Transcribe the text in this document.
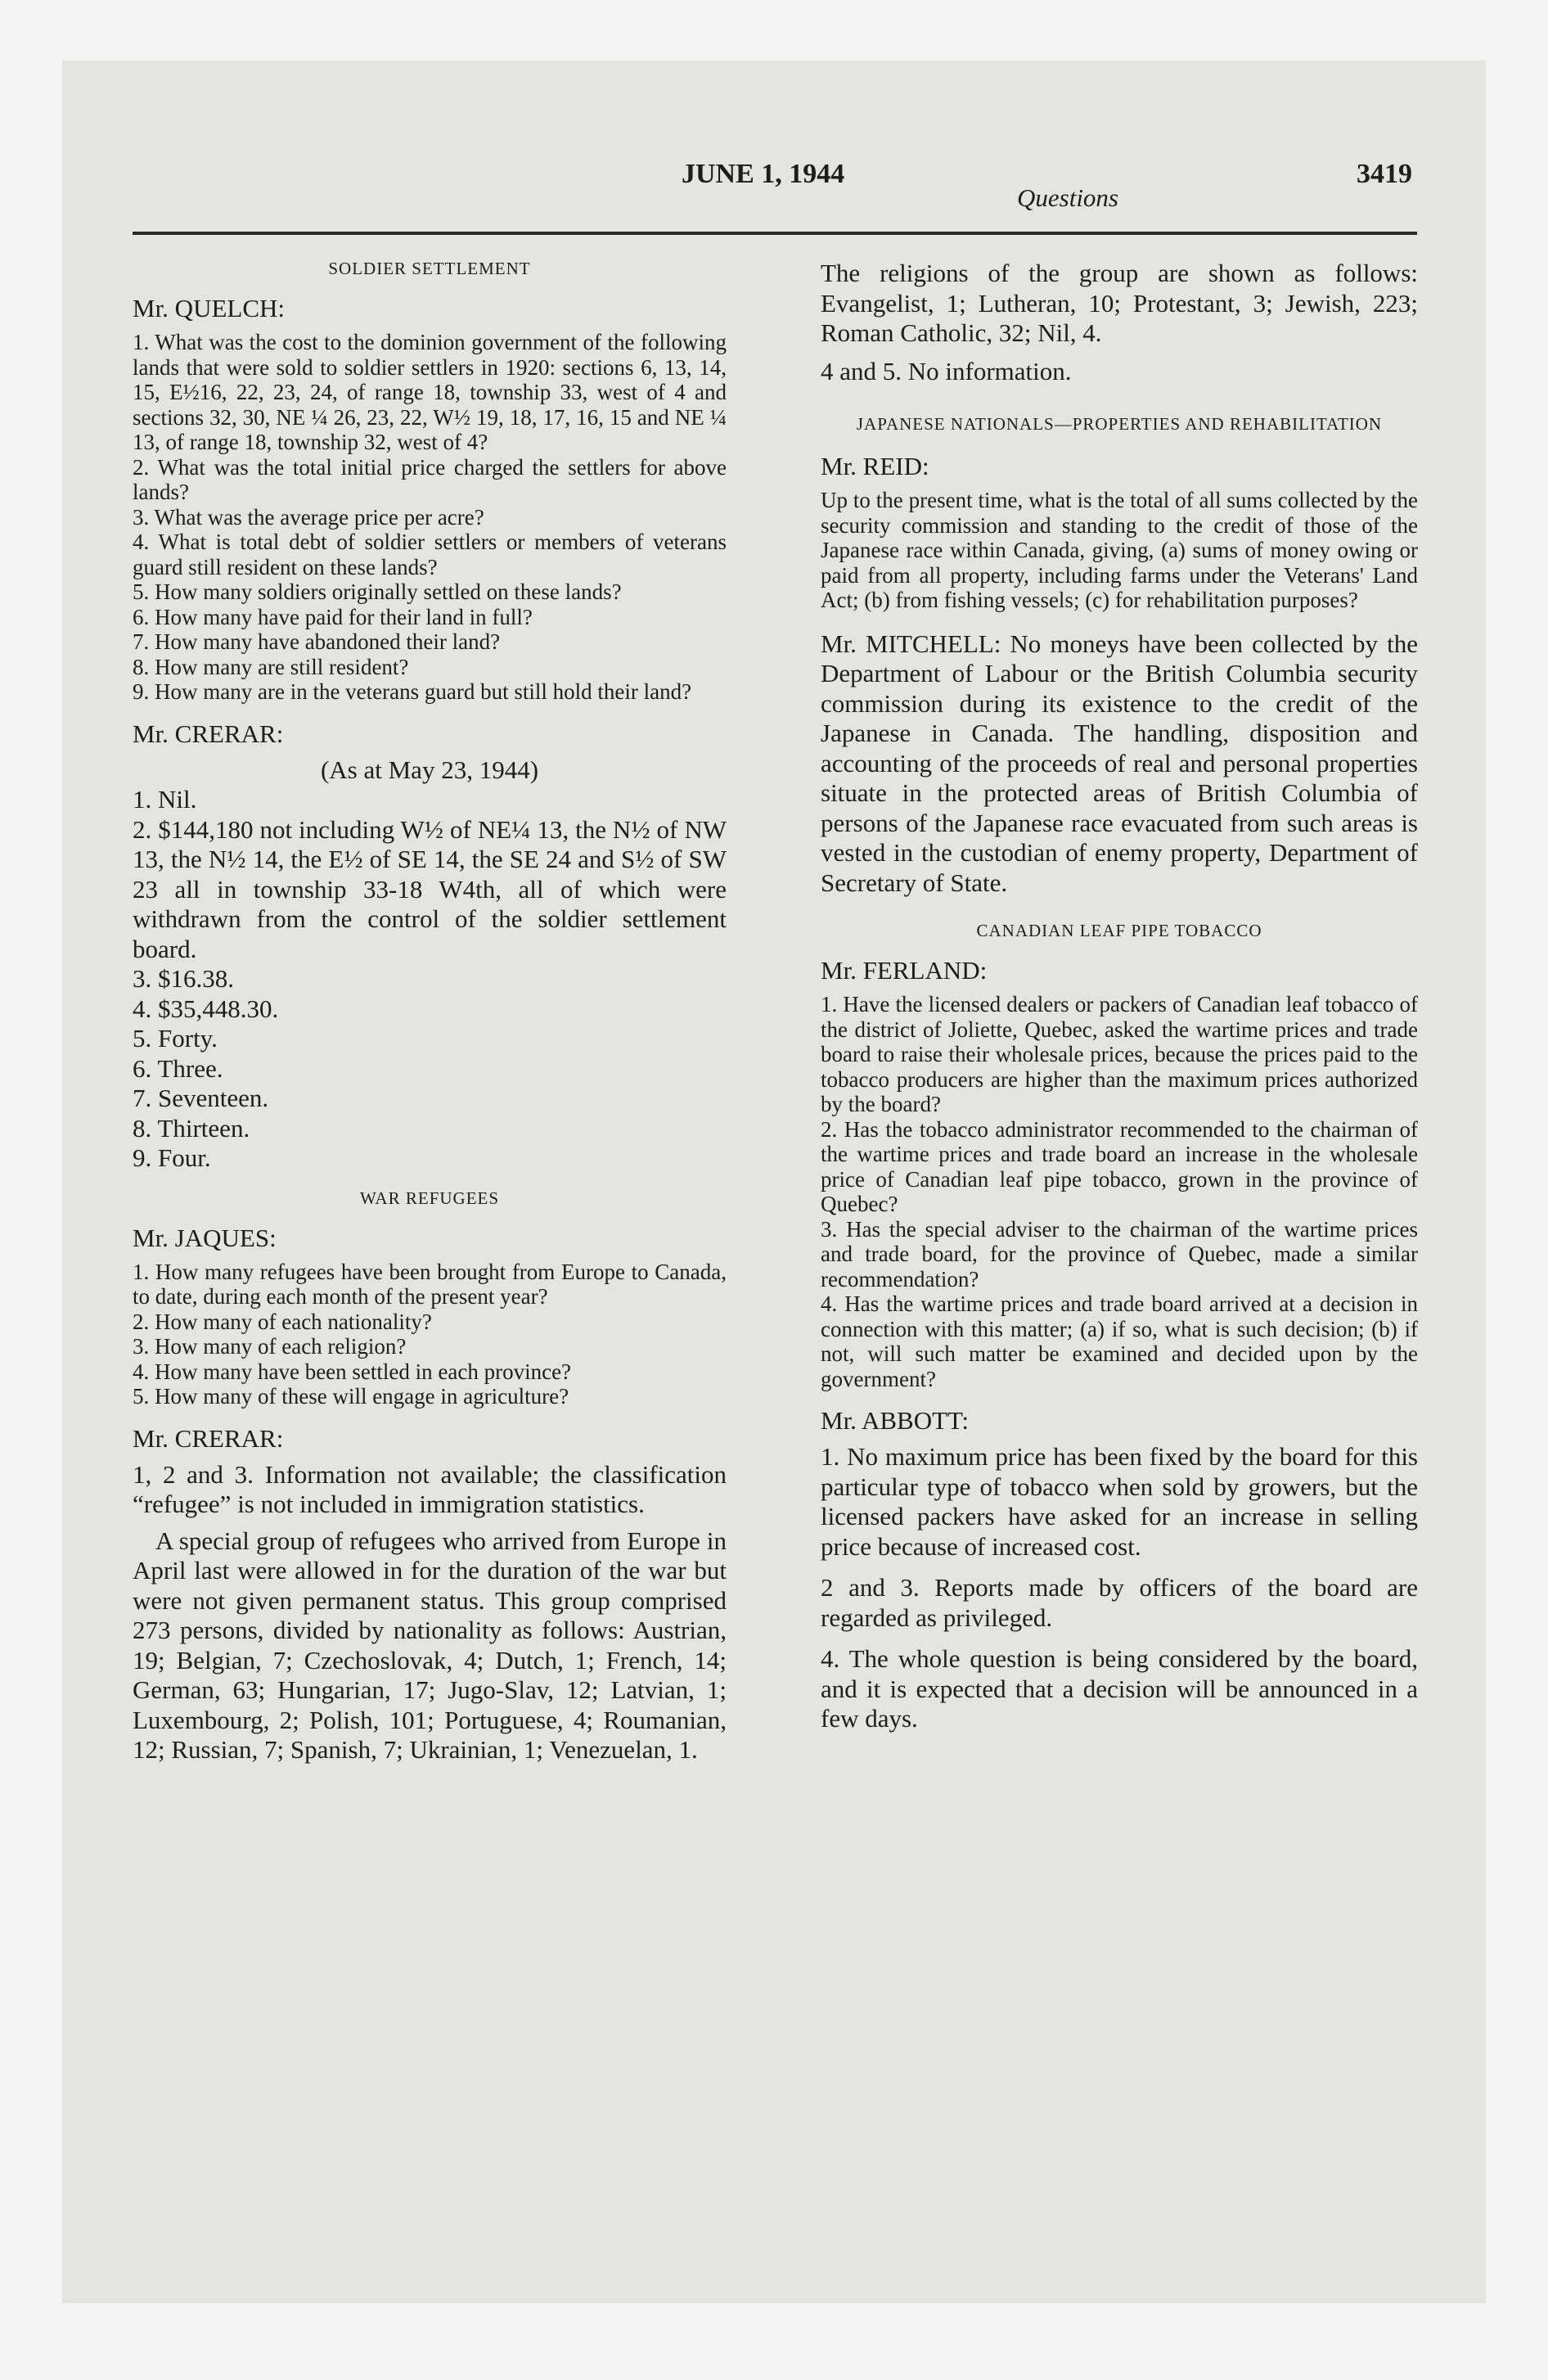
JUNE 1, 1944
Questions
3419
SOLDIER SETTLEMENT
Mr. QUELCH:

1. What was the cost to the dominion government of the following lands that were sold to soldier settlers in 1920: sections 6, 13, 14, 15, E½16, 22, 23, 24, of range 18, township 33, west of 4 and sections 32, 30, NE ¼ 26, 23, 22, W½ 19, 18, 17, 16, 15 and NE ¼ 13, of range 18, township 32, west of 4?

2. What was the total initial price charged the settlers for above lands?

3. What was the average price per acre?

4. What is total debt of soldier settlers or members of veterans guard still resident on these lands?

5. How many soldiers originally settled on these lands?

6. How many have paid for their land in full?

7. How many have abandoned their land?

8. How many are still resident?

9. How many are in the veterans guard but still hold their land?

Mr. CRERAR:

(As at May 23, 1944)

1. Nil.

2. $144,180 not including W½ of NE¼ 13, the N½ of NW 13, the N½ 14, the E½ of SE 14, the SE 24 and S½ of SW 23 all in township 33-18 W4th, all of which were withdrawn from the control of the soldier settlement board.

3. $16.38.

4. $35,448.30.

5. Forty.

6. Three.

7. Seventeen.

8. Thirteen.

9. Four.

WAR REFUGEES
Mr. JAQUES:

1. How many refugees have been brought from Europe to Canada, to date, during each month of the present year?

2. How many of each nationality?

3. How many of each religion?

4. How many have been settled in each province?

5. How many of these will engage in agriculture?

Mr. CRERAR:

1, 2 and 3. Information not available; the classification “refugee” is not included in immigration statistics.

A special group of refugees who arrived from Europe in April last were allowed in for the duration of the war but were not given permanent status. This group comprised 273 persons, divided by nationality as follows: Austrian, 19; Belgian, 7; Czechoslovak, 4; Dutch, 1; French, 14; German, 63; Hungarian, 17; Jugo-Slav, 12; Latvian, 1; Luxembourg, 2; Polish, 101; Portuguese, 4; Roumanian, 12; Russian, 7; Spanish, 7; Ukrainian, 1; Venezuelan, 1.

The religions of the group are shown as follows: Evangelist, 1; Lutheran, 10; Protestant, 3; Jewish, 223; Roman Catholic, 32; Nil, 4.

4 and 5. No information.

JAPANESE NATIONALS—PROPERTIES AND REHABILITATION
Mr. REID:

Up to the present time, what is the total of all sums collected by the security commission and standing to the credit of those of the Japanese race within Canada, giving, (a) sums of money owing or paid from all property, including farms under the Veterans' Land Act; (b) from fishing vessels; (c) for rehabilitation purposes?

Mr. MITCHELL: No moneys have been collected by the Department of Labour or the British Columbia security commission during its existence to the credit of the Japanese in Canada. The handling, disposition and accounting of the proceeds of real and personal properties situate in the protected areas of British Columbia of persons of the Japanese race evacuated from such areas is vested in the custodian of enemy property, Department of Secretary of State.

CANADIAN LEAF PIPE TOBACCO
Mr. FERLAND:

1. Have the licensed dealers or packers of Canadian leaf tobacco of the district of Joliette, Quebec, asked the wartime prices and trade board to raise their wholesale prices, because the prices paid to the tobacco producers are higher than the maximum prices authorized by the board?

2. Has the tobacco administrator recommended to the chairman of the wartime prices and trade board an increase in the wholesale price of Canadian leaf pipe tobacco, grown in the province of Quebec?

3. Has the special adviser to the chairman of the wartime prices and trade board, for the province of Quebec, made a similar recommendation?

4. Has the wartime prices and trade board arrived at a decision in connection with this matter; (a) if so, what is such decision; (b) if not, will such matter be examined and decided upon by the government?

Mr. ABBOTT:

1. No maximum price has been fixed by the board for this particular type of tobacco when sold by growers, but the licensed packers have asked for an increase in selling price because of increased cost.

2 and 3. Reports made by officers of the board are regarded as privileged.

4. The whole question is being considered by the board, and it is expected that a decision will be announced in a few days.
